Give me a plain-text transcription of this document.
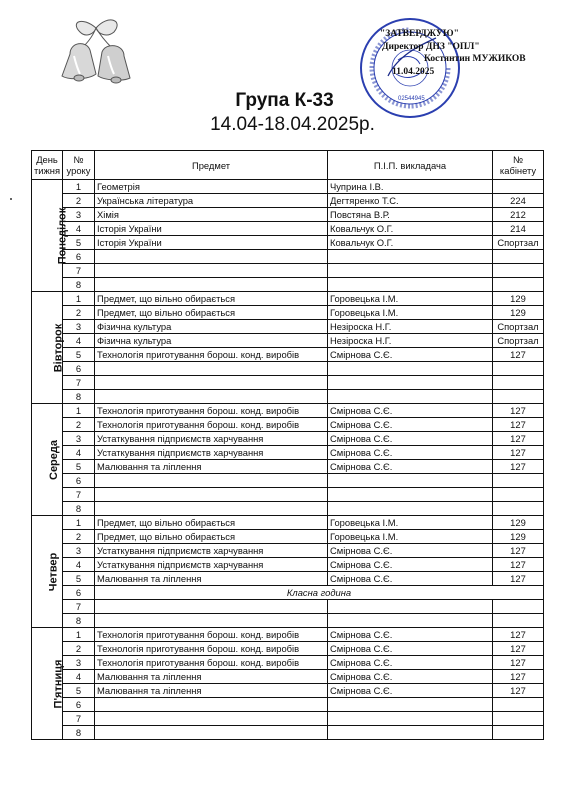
02544945
"ЗАТВЕРДЖУЮ"
Директор ДНЗ "ОПЛ"
Костянтин МУЖИКОВ
11.04.2025
Група К-33
14.04-18.04.2025р.
День тижня	№ уроку	Предмет	П.І.П. викладача	№ кабінету
Понеділок	1	Геометрія	Чуприна І.В.	
	2	Українська література	Дегтяренко Т.С.	224
	3	Хімія	Повстяна В.Р.	212
	4	Історія України	Ковальчук О.Г.	214
	5	Історія України	Ковальчук О.Г.	Спортзал
	6			
	7			
	8			
Вівторок	1	Предмет, що вільно обирається	Горовецька І.М.	129
	2	Предмет, що вільно обирається	Горовецька І.М.	129
	3	Фізична культура	Незіроска Н.Г.	Спортзал
	4	Фізична культура	Незіроска Н.Г.	Спортзал
	5	Технологія приготування борош. конд. виробів	Смірнова С.Є.	127
	6			
	7			
	8			
Середа	1	Технологія приготування борош. конд. виробів	Смірнова С.Є.	127
	2	Технологія приготування борош. конд. виробів	Смірнова С.Є.	127
	3	Устаткування підприємств харчування	Смірнова С.Є.	127
	4	Устаткування підприємств харчування	Смірнова С.Є.	127
	5	Малювання та ліплення	Смірнова С.Є.	127
	6			
	7			
	8			
Четвер	1	Предмет, що вільно обирається	Горовецька І.М.	129
	2	Предмет, що вільно обирається	Горовецька І.М.	129
	3	Устаткування підприємств харчування	Смірнова С.Є.	127
	4	Устаткування підприємств харчування	Смірнова С.Є.	127
	5	Малювання та ліплення	Смірнова С.Є.	127
	6	Класна година		
	7			
	8			
П'ятниця	1	Технологія приготування борош. конд. виробів	Смірнова С.Є.	127
	2	Технологія приготування борош. конд. виробів	Смірнова С.Є.	127
	3	Технологія приготування борош. конд. виробів	Смірнова С.Є.	127
	4	Малювання та ліплення	Смірнова С.Є.	127
	5	Малювання та ліплення	Смірнова С.Є.	127
	6			
	7			
	8			
